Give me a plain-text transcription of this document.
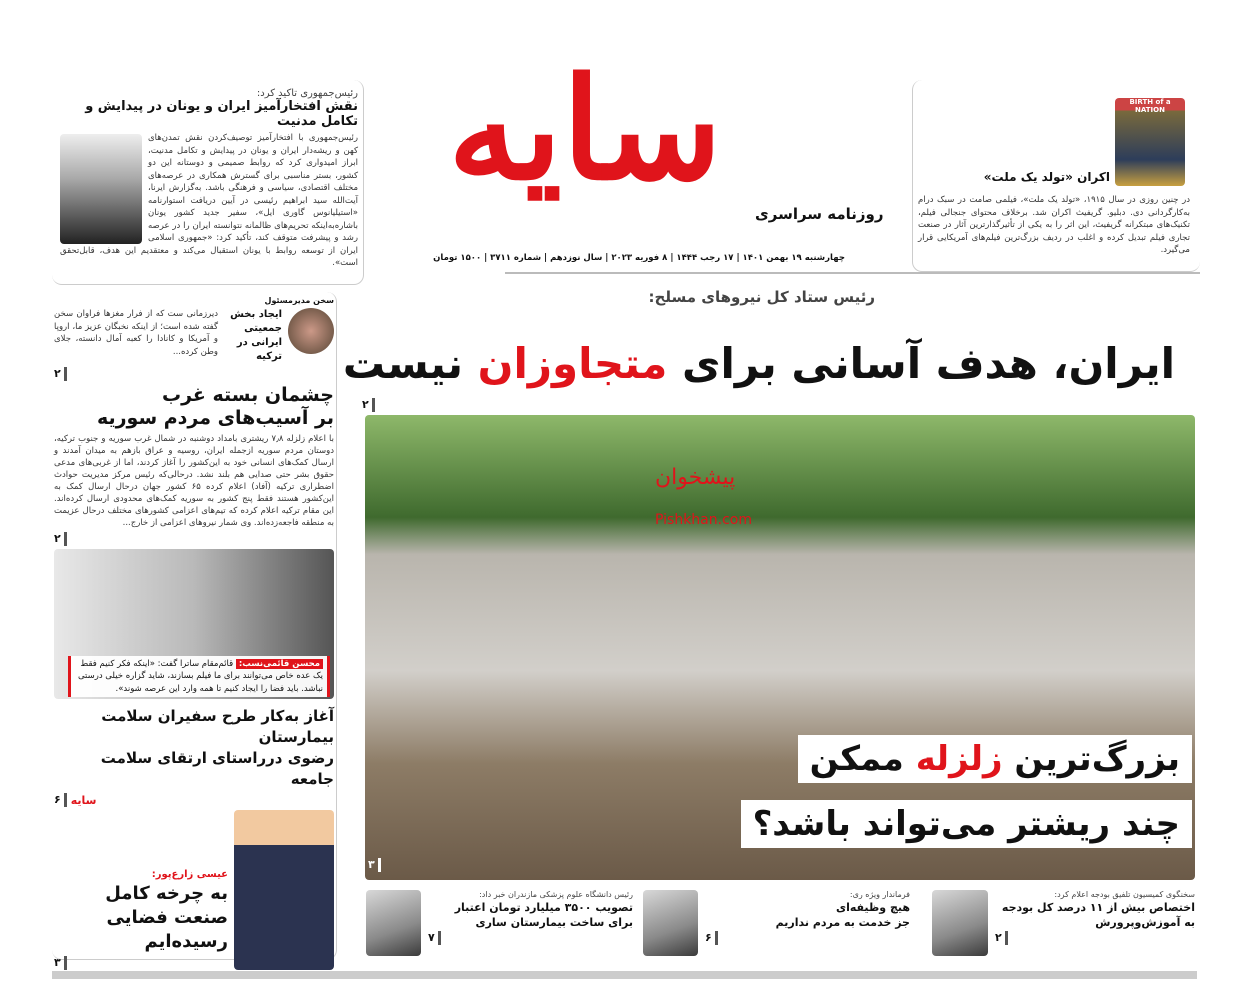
رئیس‌جمهوری تاکید کرد:
نقش افتخارآمیز ایران و یونان در پیدایش و تکامل مدنیت

رئیس‌جمهوری با افتخارآمیز توصیف‌کردن نقش تمدن‌های کهن و ریشه‌دار ایران و یونان در پیدایش و تکامل مدنیت، ابراز امیدواری کرد که روابط صمیمی و دوستانه این دو کشور، بستر مناسبی برای گسترش همکاری در عرصه‌های مختلف اقتصادی، سیاسی و فرهنگی باشد. به‌گزارش ایرنا، آیت‌الله سید ابراهیم رئیسی در آیین دریافت استوارنامه «استیلیانوس گاوری ایل»، سفیر جدید کشور یونان باشاره‌به‌اینکه تحریم‌های ظالمانه نتوانسته ایران را در عرصه رشد و پیشرفت متوقف کند، تأکید کرد: «جمهوری اسلامی ایران از توسعه روابط با یونان استقبال می‌کند و معتقدیم این هدف، قابل‌تحقق است».

BIRTH of a NATION
اکران «تولد یک ملت»

در چنین روزی در سال ۱۹۱۵، «تولد یک ملت»، فیلمی صامت در سبک درام به‌کارگردانی دی. دبلیو. گریفیث اکران شد. برخلاف محتوای جنجالی فیلم، تکنیک‌های مبتکرانه گریفیث، این اثر را به یکی از تأثیرگذارترین آثار در صنعت تجاری فیلم تبدیل کرده و اغلب در ردیف بزرگ‌ترین فیلم‌های آمریکایی قرار می‌گیرد.

سایه
روزنامه سراسری
چهارشنبه ۱۹ بهمن ۱۴۰۱ | ۱۷ رجب ۱۴۴۴ | ۸ فوریه ۲۰۲۳ | سال نوزدهم | شماره ۳۷۱۱ | ۱۵۰۰ تومان
رئیس ستاد کل نیروهای مسلح:
ایران، هدف آسانی برای متجاوزان نیست
۲
پیشخوان
Pishkhan.com
بزرگ‌ترین زلزله ممکن
چند ریشتر می‌تواند باشد؟
۳
سخن مدیرمسئول
ایجاد بخش جمعیتی ایرانی در ترکیه

دیرزمانی ست که از فرار مغزها فراوان سخن گفته شده است؛ از اینکه نخبگان عزیز ما، اروپا و آمریکا و کانادا را کعبه آمال دانسته، جلای وطن کرده...

۲
چشمان بسته غرب
بر آسیب‌های مردم سوریه

با اعلام زلزله ۷٫۸ ریشتری بامداد دوشنبه در شمال غرب سوریه و جنوب ترکیه، دوستان مردم سوریه ازجمله ایران، روسیه و عراق بازهم به میدان آمدند و ارسال کمک‌های انسانی خود به این‌کشور را آغاز کردند، اما از غربی‌های مدعی حقوق بشر حتی صدایی هم بلند نشد. درحالی‌که رئیس مرکز مدیریت حوادث اضطراری ترکیه (آفاد) اعلام کرده ۶۵ کشور جهان درحال ارسال کمک به این‌کشور هستند فقط پنج کشور به سوریه کمک‌های محدودی ارسال کرده‌اند. این مقام ترکیه اعلام کرده که تیم‌های اعزامی کشورهای مختلف درحال عزیمت به منطقه فاجعه‌زده‌اند. وی شمار نیروهای اعزامی از خارج...

۲
محسن قائمی‌نسب: قائم‌مقام ساترا گفت: «اینکه فکر کنیم فقط یک عده خاص می‌توانند برای ما فیلم بسازند، شاید گزاره خیلی درستی نباشد. باید فضا را ایجاد کنیم تا همه وارد این عرصه شوند».
آغاز به‌کار طرح سفیران سلامت بیمارستان
رضوی درراستای ارتقای سلامت جامعه
سایه
۶
عیسی زارع‌پور:
به چرخه کامل
صنعت فضایی رسیده‌ایم
۳
سخنگوی کمیسیون تلفیق بودجه اعلام کرد:
اختصاص بیش از ۱۱ درصد کل بودجه
به آموزش‌وپرورش
۲
فرماندار ویژه ری:
هیچ وظیفه‌ای
جز خدمت به مردم نداریم
۶
رئیس دانشگاه علوم پزشکی مازندران خبر داد:
تصویب ۳۵۰۰ میلیارد تومان اعتبار
برای ساخت بیمارستان ساری
۷
